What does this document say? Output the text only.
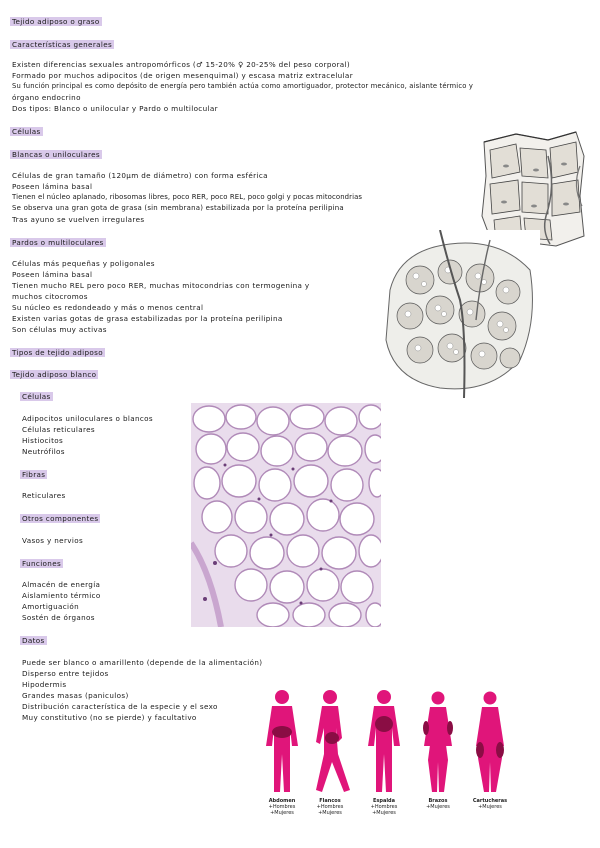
Tejido adiposo o graso
Características generales
Existen diferencias sexuales antropomórficos (♂ 15-20% ♀ 20-25% del peso corporal)
Formado por muchos adipocitos (de origen mesenquimal) y escasa matriz extracelular
Su función principal es como depósito de energía pero también actúa como amortiguador, protector mecánico, aislante térmico y
órgano endocrino
Dos tipos: Blanco o unilocular y Pardo o multilocular
Células
Blancas o uniloculares
Células de gran tamaño (120µm de diámetro) con forma esférica
Poseen lámina basal
Tienen el núcleo aplanado, ribosomas libres, poco RER, poco REL, poco golgi y pocas mitocondrias
Se observa una gran gota de grasa (sin membrana) estabilizada por la proteína perilipina
Tras ayuno se vuelven irregulares
Pardos o multiloculares
Células más pequeñas y poligonales
Poseen lámina basal
Tienen mucho REL pero poco RER, muchas mitocondrias con termogenina y
muchos citocromos
Su núcleo es redondeado y más o menos central
Existen varias gotas de grasa estabilizadas por la proteína perilipina
Son células muy activas
Tipos de tejido adiposo
Tejido adiposo blanco
Células
Adipocitos uniloculares o blancos
Células reticulares
Histiocitos
Neutrófilos
Fibras
Reticulares
Otros componentes
Vasos y nervios
Funciones
Almacén de energía
Aislamiento térmico
Amortiguación
Sostén de órganos
Datos
Puede ser blanco o amarillento (depende de la alimentación)
Disperso entre tejidos
Hipodermis
Grandes masas (paniculos)
Distribución característica de la especie y el sexo
Muy constitutivo (no se pierde) y facultativo
Abdomen
+Hombres
+Mujeres
Flancos
+Hombres
+Mujeres
Espalda
+Hombres
+Mujeres
Brazos
+Mujeres
Cartucheras
+Mujeres
